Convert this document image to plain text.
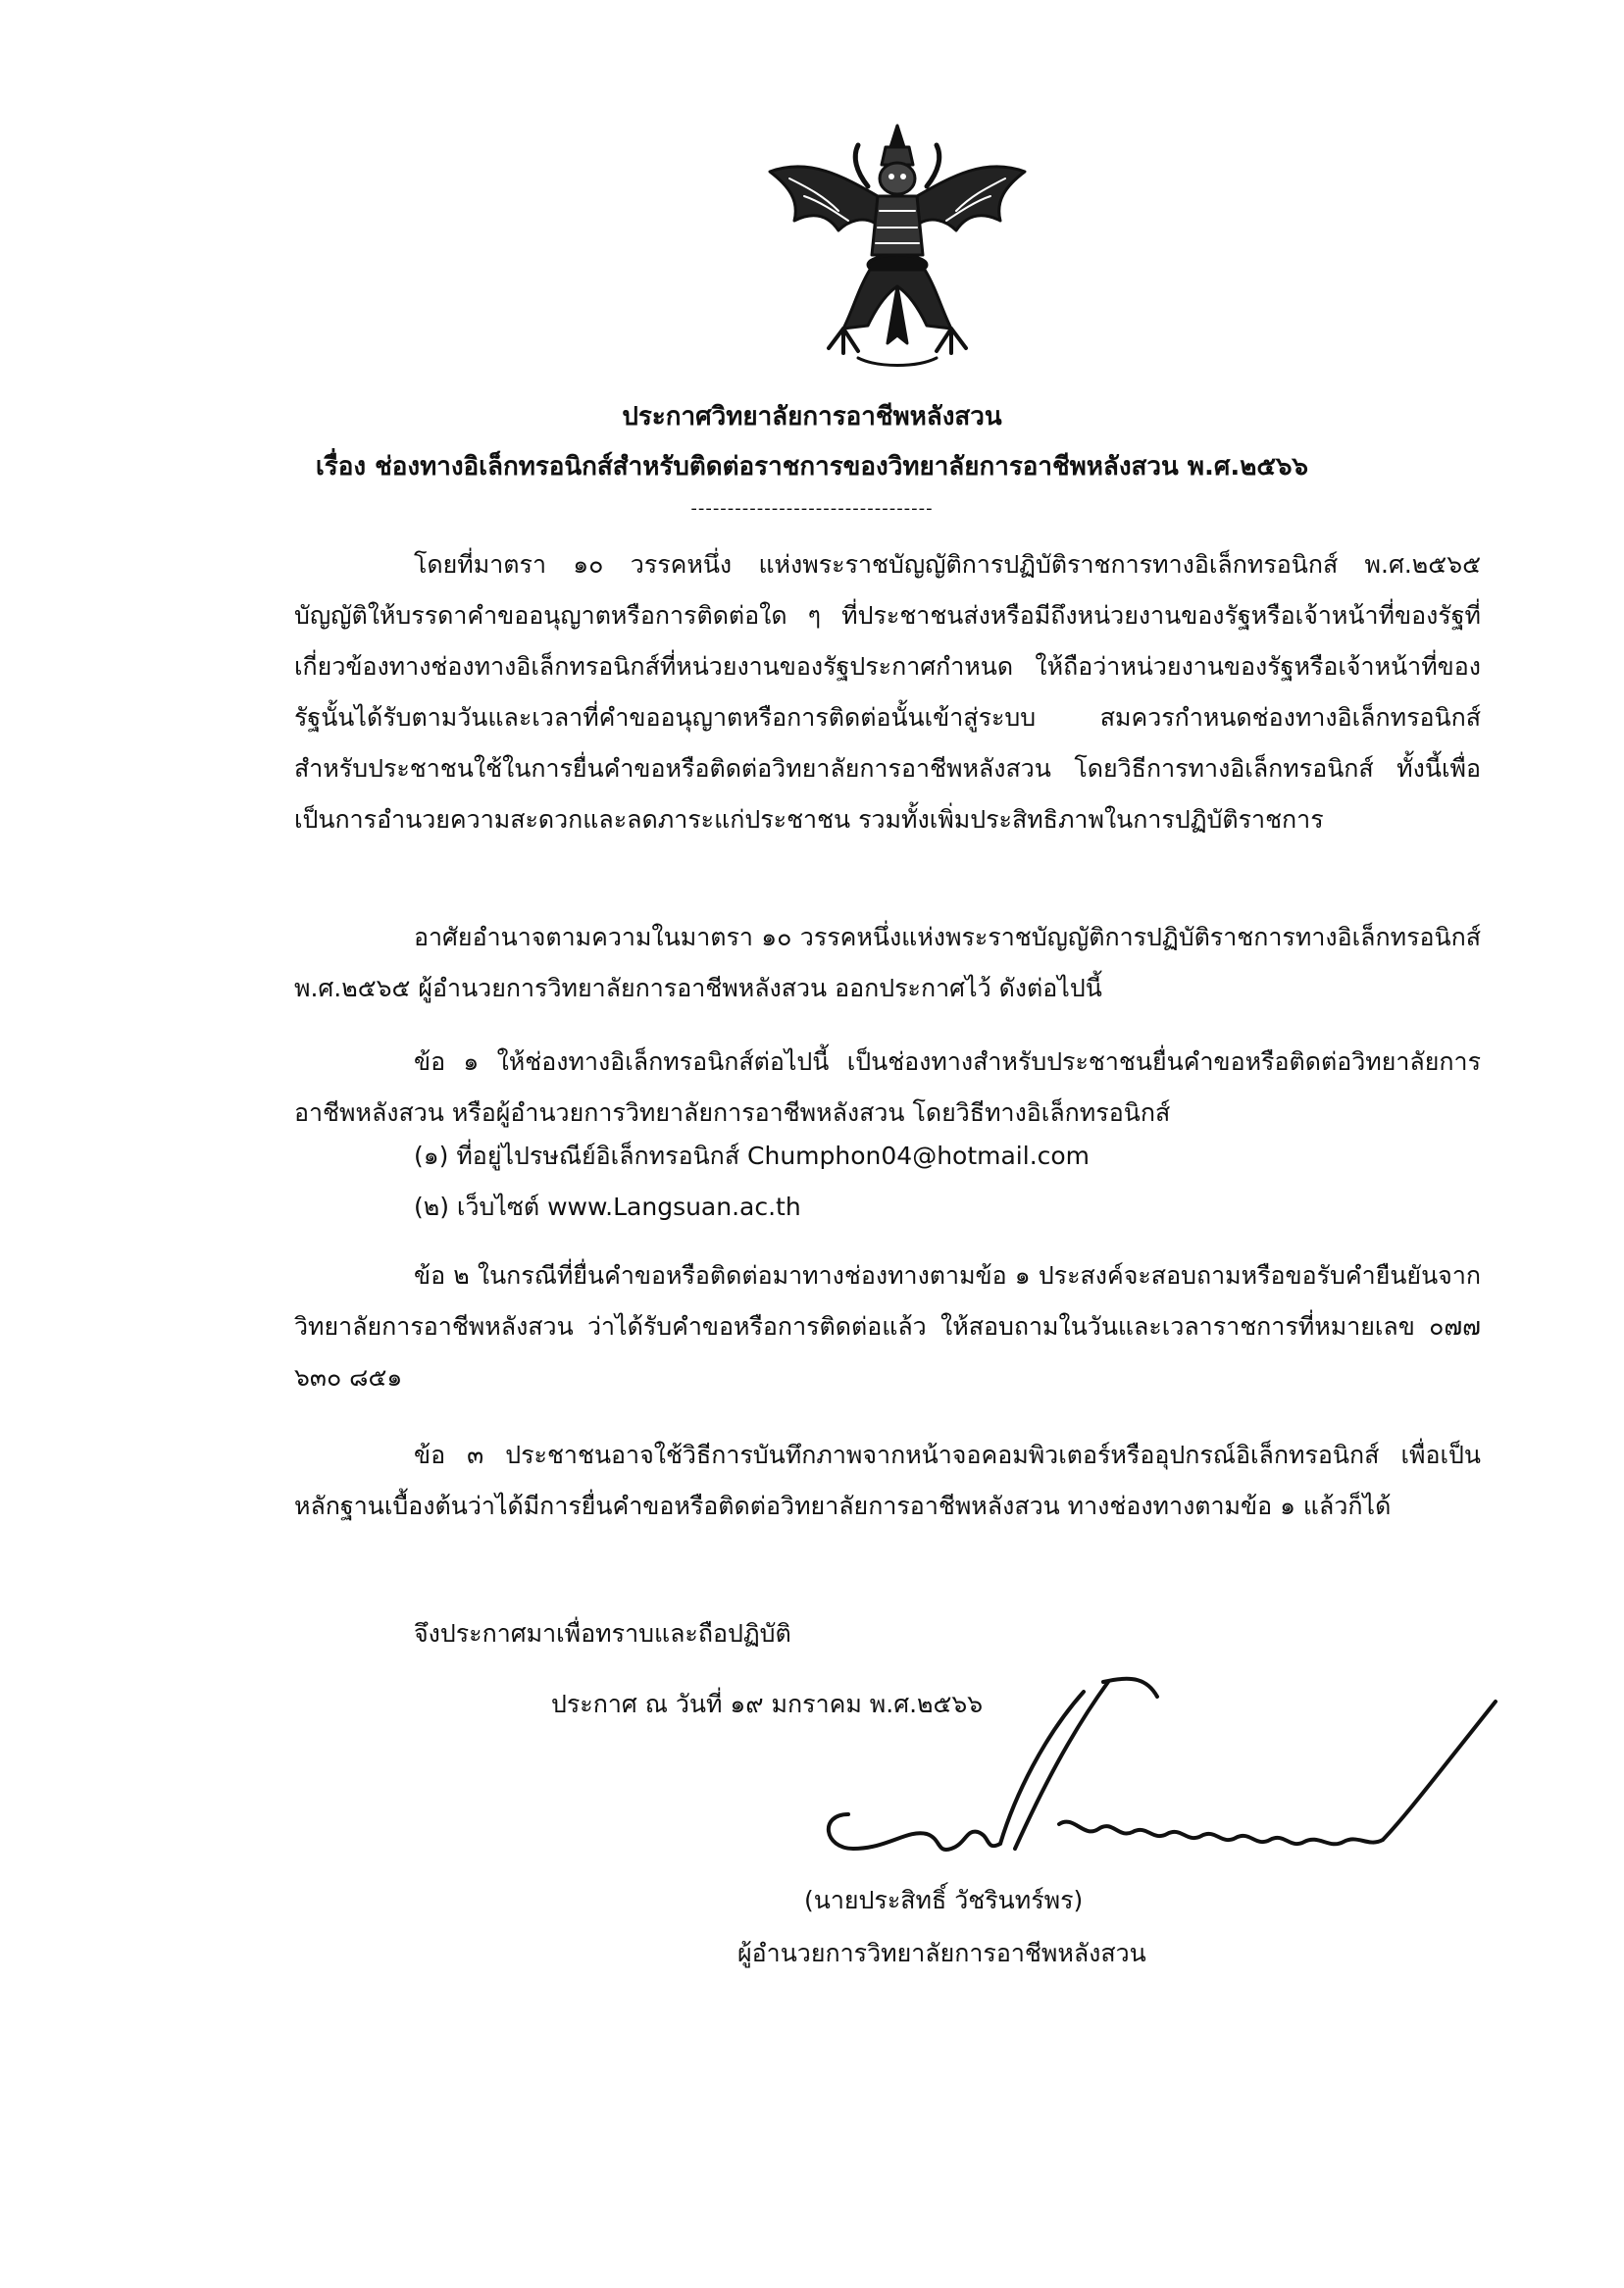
ประกาศวิทยาลัยการอาชีพหลังสวน
เรื่อง ช่องทางอิเล็กทรอนิกส์สำหรับติดต่อราชการของวิทยาลัยการอาชีพหลังสวน พ.ศ.๒๕๖๖
---------------------------------
โดยที่มาตรา ๑๐ วรรคหนึ่ง แห่งพระราชบัญญัติการปฏิบัติราชการทางอิเล็กทรอนิกส์ พ.ศ.๒๕๖๕ บัญญัติให้บรรดาคำขออนุญาตหรือการติดต่อใด ๆ ที่ประชาชนส่งหรือมีถึงหน่วยงานของรัฐหรือเจ้าหน้าที่ของรัฐที่เกี่ยวข้องทางช่องทางอิเล็กทรอนิกส์ที่หน่วยงานของรัฐประกาศกำหนด ให้ถือว่าหน่วยงานของรัฐหรือเจ้าหน้าที่ของรัฐนั้นได้รับตามวันและเวลาที่คำขออนุญาตหรือการติดต่อนั้นเข้าสู่ระบบ สมควรกำหนดช่องทางอิเล็กทรอนิกส์สำหรับประชาชนใช้ในการยื่นคำขอหรือติดต่อวิทยาลัยการอาชีพหลังสวน โดยวิธีการทางอิเล็กทรอนิกส์ ทั้งนี้เพื่อเป็นการอำนวยความสะดวกและลดภาระแก่ประชาชน รวมทั้งเพิ่มประสิทธิภาพในการปฏิบัติราชการ
อาศัยอำนาจตามความในมาตรา ๑๐ วรรคหนึ่งแห่งพระราชบัญญัติการปฏิบัติราชการทางอิเล็กทรอนิกส์ พ.ศ.๒๕๖๕ ผู้อำนวยการวิทยาลัยการอาชีพหลังสวน ออกประกาศไว้ ดังต่อไปนี้
ข้อ ๑ ให้ช่องทางอิเล็กทรอนิกส์ต่อไปนี้ เป็นช่องทางสำหรับประชาชนยื่นคำขอหรือติดต่อวิทยาลัยการอาชีพหลังสวน หรือผู้อำนวยการวิทยาลัยการอาชีพหลังสวน โดยวิธีทางอิเล็กทรอนิกส์
(๑) ที่อยู่ไปรษณีย์อิเล็กทรอนิกส์ Chumphon04@hotmail.com
(๒) เว็บไซต์ www.Langsuan.ac.th
ข้อ ๒ ในกรณีที่ยื่นคำขอหรือติดต่อมาทางช่องทางตามข้อ ๑ ประสงค์จะสอบถามหรือขอรับคำยืนยันจากวิทยาลัยการอาชีพหลังสวน ว่าได้รับคำขอหรือการติดต่อแล้ว ให้สอบถามในวันและเวลาราชการที่หมายเลข ๐๗๗ ๖๓๐ ๘๕๑
ข้อ ๓ ประชาชนอาจใช้วิธีการบันทึกภาพจากหน้าจอคอมพิวเตอร์หรืออุปกรณ์อิเล็กทรอนิกส์ เพื่อเป็นหลักฐานเบื้องต้นว่าได้มีการยื่นคำขอหรือติดต่อวิทยาลัยการอาชีพหลังสวน ทางช่องทางตามข้อ ๑ แล้วก็ได้
จึงประกาศมาเพื่อทราบและถือปฏิบัติ
ประกาศ ณ วันที่ ๑๙ มกราคม พ.ศ.๒๕๖๖
(นายประสิทธิ์ วัชรินทร์พร)
ผู้อำนวยการวิทยาลัยการอาชีพหลังสวน
